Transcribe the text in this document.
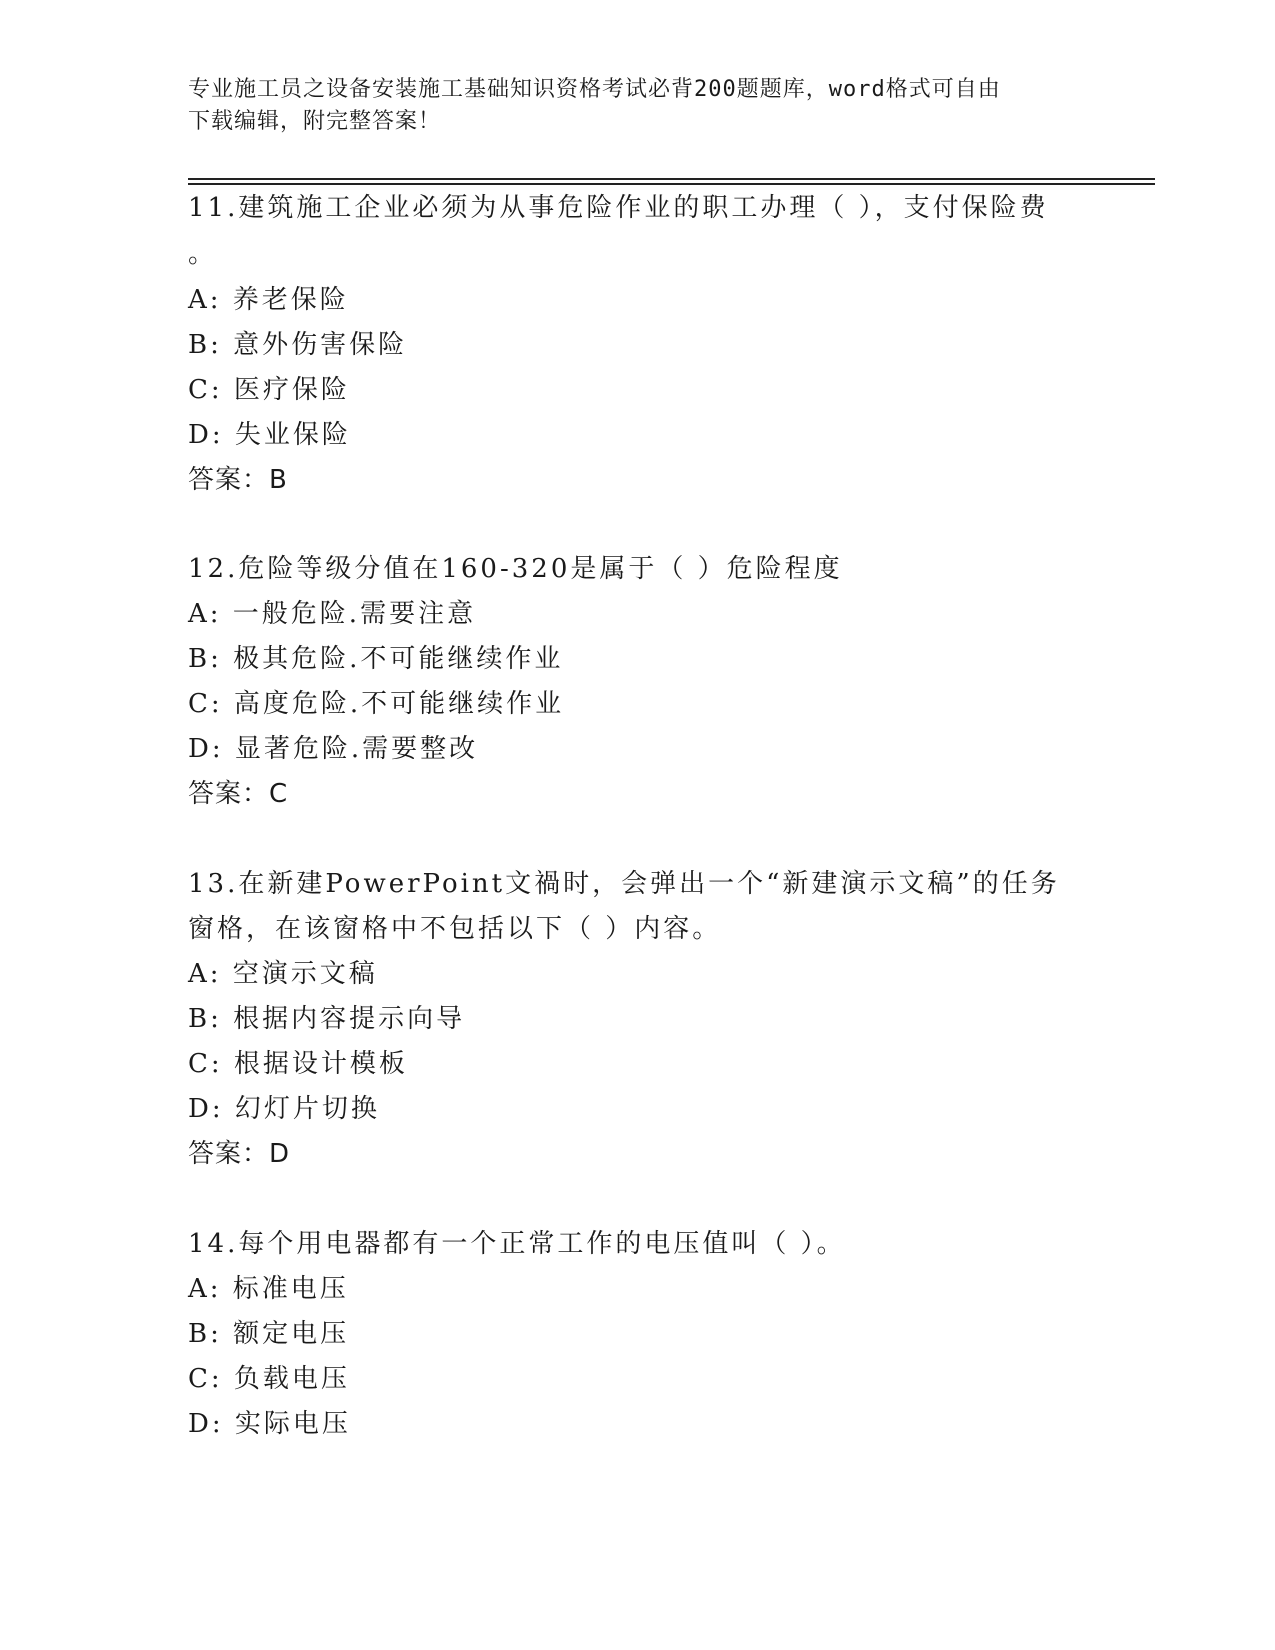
专业施工员之设备安装施工基础知识资格考试必背200题题库，word格式可自由
下载编辑，附完整答案！
11.建筑施工企业必须为从事危险作业的职工办理（ ），支付保险费
。
A: 养老保险
B: 意外伤害保险
C: 医疗保险
D: 失业保险
答案：B
12.危险等级分值在160-320是属于（ ）危险程度
A: 一般危险.需要注意
B: 极其危险.不可能继续作业
C: 高度危险.不可能继续作业
D: 显著危险.需要整改
答案：C
13.在新建PowerPoint文禍时，会弹出一个“新建演示文稿”的任务
窗格，在该窗格中不包括以下（ ）内容。
A: 空演示文稿
B: 根据内容提示向导
C: 根据设计模板
D: 幻灯片切换
答案：D
14.每个用电器都有一个正常工作的电压值叫（ ）。
A: 标准电压
B: 额定电压
C: 负载电压
D: 实际电压
